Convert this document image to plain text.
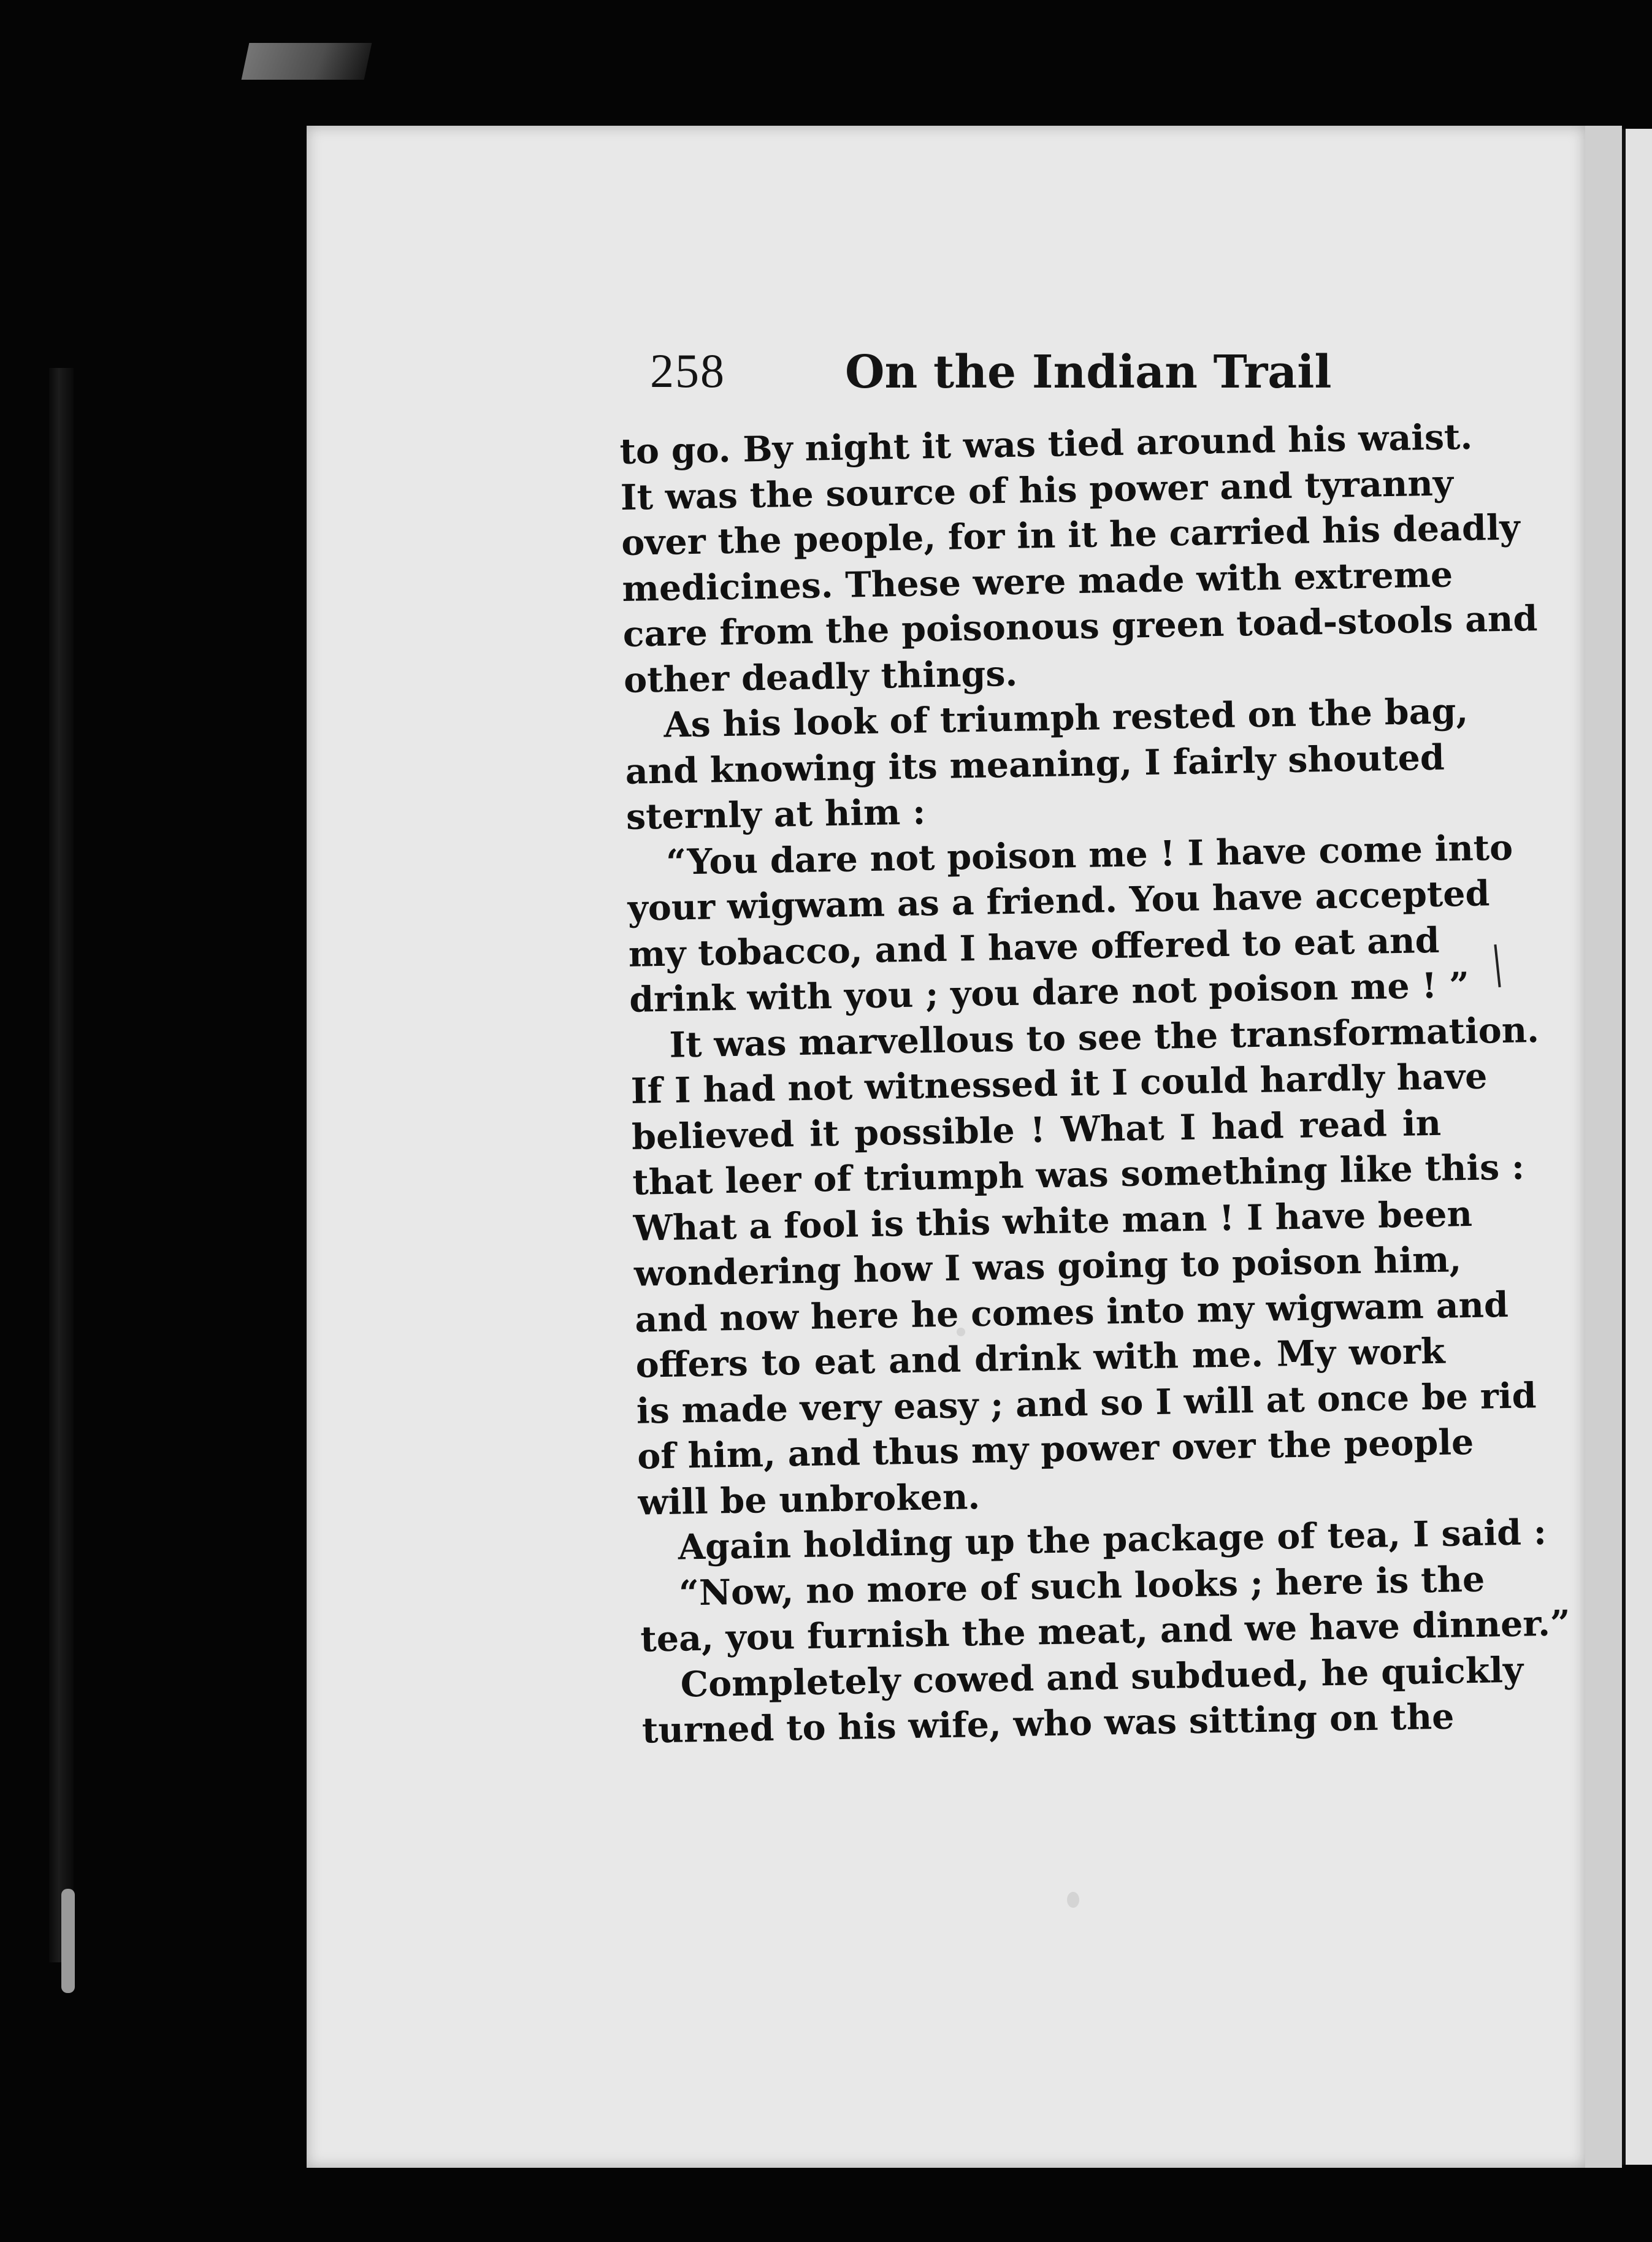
258	On the Indian Trail
to go. By night it was tied around his waist.
It was the source of his power and tyranny
over the people, for in it he carried his deadly
medicines. These were made with extreme
care from the poisonous green toad-stools and
other deadly things.
As his look of triumph rested on the bag,
and knowing its meaning, I fairly shouted
sternly at him :
“You dare not poison me ! I have come into
your wigwam as a friend. You have accepted
my tobacco, and I have offered to eat and
drink with you ; you dare not poison me ! ”
It was marvellous to see the transformation.
If I had not witnessed it I could hardly have
believed it possible ! What I had read in
that leer of triumph was something like this :
What a fool is this white man ! I have been
wondering how I was going to poison him,
and now here he comes into my wigwam and
offers to eat and drink with me. My work
is made very easy ; and so I will at once be rid
of him, and thus my power over the people
will be unbroken.
Again holding up the package of tea, I said :
“Now, no more of such looks ; here is the
tea, you furnish the meat, and we have dinner.”
Completely cowed and subdued, he quickly
turned to his wife, who was sitting on the
